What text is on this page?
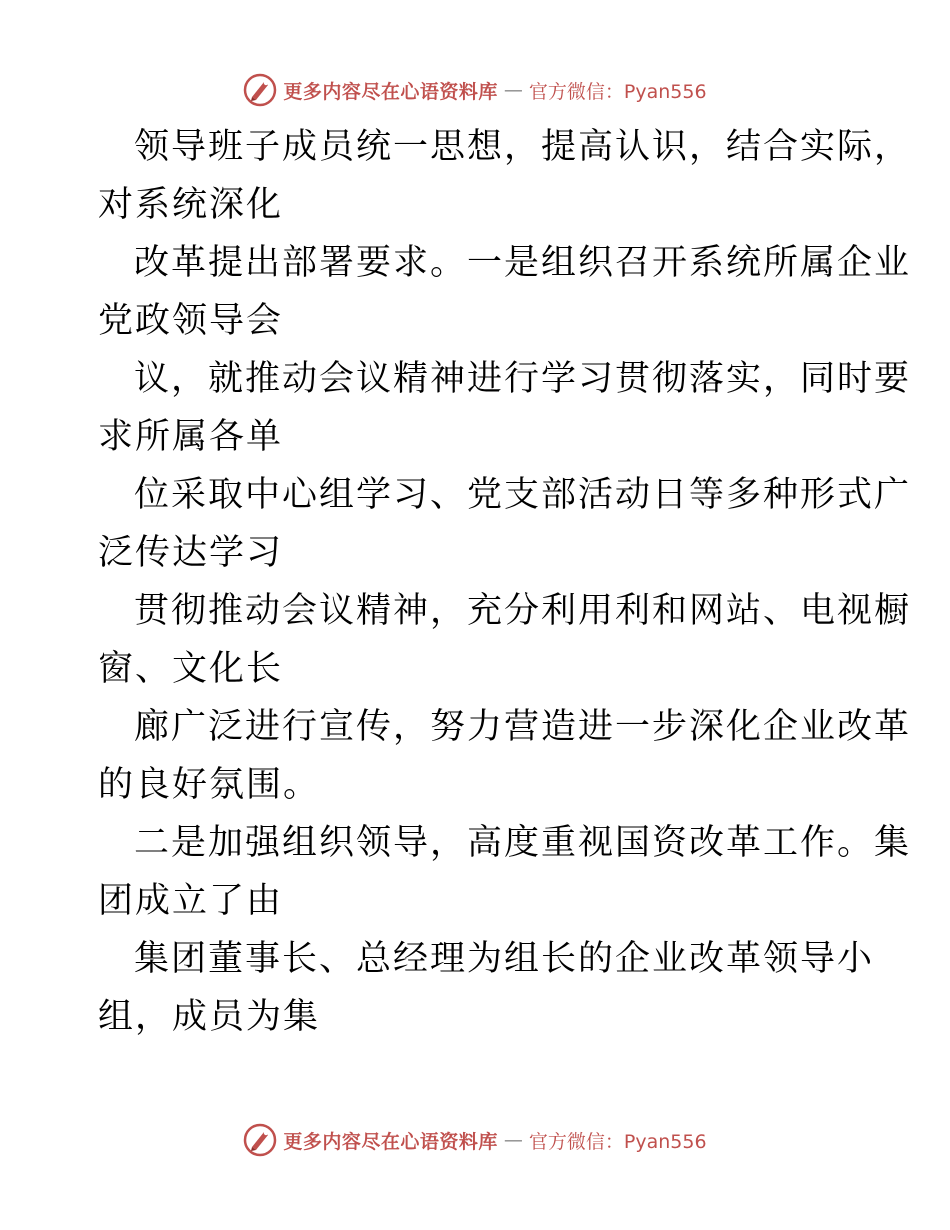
更多内容尽在心语资料库 — 官方微信：Pyan556
领导班子成员统一思想，提高认识，结合实际，
对系统深化
改革提出部署要求。一是组织召开系统所属企业
党政领导会
议，就推动会议精神进行学习贯彻落实，同时要
求所属各单
位采取中心组学习、党支部活动日等多种形式广
泛传达学习
贯彻推动会议精神，充分利用利和网站、电视橱
窗、文化长
廊广泛进行宣传，努力营造进一步深化企业改革
的良好氛围。
二是加强组织领导，高度重视国资改革工作。集
团成立了由
集团董事长、总经理为组长的企业改革领导小
组，成员为集
更多内容尽在心语资料库 — 官方微信：Pyan556
